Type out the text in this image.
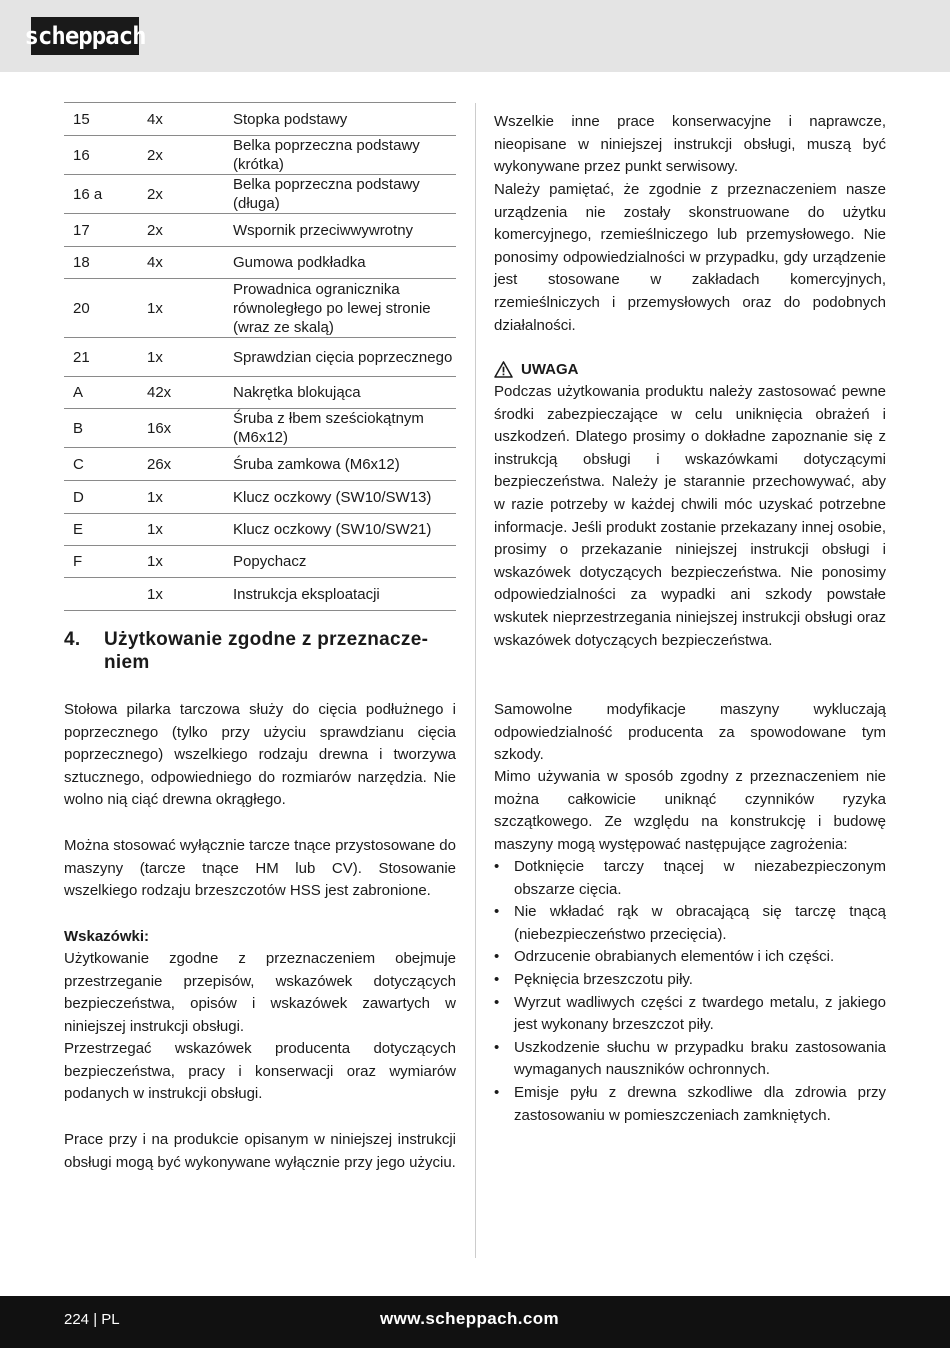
scheppach
15	4x	Stopka podstawy
16	2x	Belka poprzeczna podstawy (krótka)
16 a	2x	Belka poprzeczna podstawy (długa)
17	2x	Wspornik przeciwwywrotny
18	4x	Gumowa podkładka
20	1x	Prowadnica ogranicznika równoległego po lewej stronie (wraz ze skalą)
21	1x	Sprawdzian cięcia poprzecznego
A	42x	Nakrętka blokująca
B	16x	Śruba z łbem sześciokątnym (M6x12)
C	26x	Śruba zamkowa (M6x12)
D	1x	Klucz oczkowy (SW10/SW13)
E	1x	Klucz oczkowy (SW10/SW21)
F	1x	Popychacz
	1x	Instrukcja eksploatacji
4. Użytkowanie zgodne z przeznacze-
niem
Stołowa pilarka tarczowa służy do cięcia podłużnego i poprzecznego (tylko przy użyciu sprawdzianu cięcia poprzecznego) wszelkiego rodzaju drewna i tworzywa sztucznego, odpowiedniego do rozmiarów narzędzia. Nie wolno nią ciąć drewna okrągłego.
Można stosować wyłącznie tarcze tnące przystosowane do maszyny (tarcze tnące HM lub CV). Stosowanie wszelkiego rodzaju brzeszczotów HSS jest zabronione.
Wskazówki:
Użytkowanie zgodne z przeznaczeniem obejmuje przestrzeganie przepisów, wskazówek dotyczących bezpieczeństwa, opisów i wskazówek zawartych w niniejszej instrukcji obsługi.
Przestrzegać wskazówek producenta dotyczących bezpieczeństwa, pracy i konserwacji oraz wymiarów podanych w instrukcji obsługi.
Prace przy i na produkcie opisanym w niniejszej instrukcji obsługi mogą być wykonywane wyłącznie przy jego użyciu.
Wszelkie inne prace konserwacyjne i naprawcze, nieopisane w niniejszej instrukcji obsługi, muszą być wykonywane przez punkt serwisowy.
Należy pamiętać, że zgodnie z przeznaczeniem nasze urządzenia nie zostały skonstruowane do użytku komercyjnego, rzemieślniczego lub przemysłowego. Nie ponosimy odpowiedzialności w przypadku, gdy urządzenie jest stosowane w zakładach komercyjnych, rzemieślniczych i przemysłowych oraz do podobnych działalności.
UWAGA
Podczas użytkowania produktu należy zastosować pewne środki zabezpieczające w celu uniknięcia obrażeń i uszkodzeń. Dlatego prosimy o dokładne zapoznanie się z instrukcją obsługi i wskazówkami dotyczącymi bezpieczeństwa. Należy je starannie przechowywać, aby w razie potrzeby w każdej chwili móc uzyskać potrzebne informacje. Jeśli produkt zostanie przekazany innej osobie, prosimy o przekazanie niniejszej instrukcji obsługi i wskazówek dotyczących bezpieczeństwa. Nie ponosimy odpowiedzialności za wypadki ani szkody powstałe wskutek nieprzestrzegania niniejszej instrukcji obsługi oraz wskazówek dotyczących bezpieczeństwa.
Samowolne modyfikacje maszyny wykluczają odpowiedzialność producenta za spowodowane tym szkody.
Mimo używania w sposób zgodny z przeznaczeniem nie można całkowicie uniknąć czynników ryzyka szczątkowego. Ze względu na konstrukcję i budowę maszyny mogą występować następujące zagrożenia:
• Dotknięcie tarczy tnącej w niezabezpieczonym obszarze cięcia.
• Nie wkładać rąk w obracającą się tarczę tnącą (niebezpieczeństwo przecięcia).
• Odrzucenie obrabianych elementów i ich części.
• Pęknięcia brzeszczotu piły.
• Wyrzut wadliwych części z twardego metalu, z jakiego jest wykonany brzeszczot piły.
• Uszkodzenie słuchu w przypadku braku zastosowania wymaganych nauszników ochronnych.
• Emisje pyłu z drewna szkodliwe dla zdrowia przy zastosowaniu w pomieszczeniach zamkniętych.
224 | PL	www.scheppach.com
